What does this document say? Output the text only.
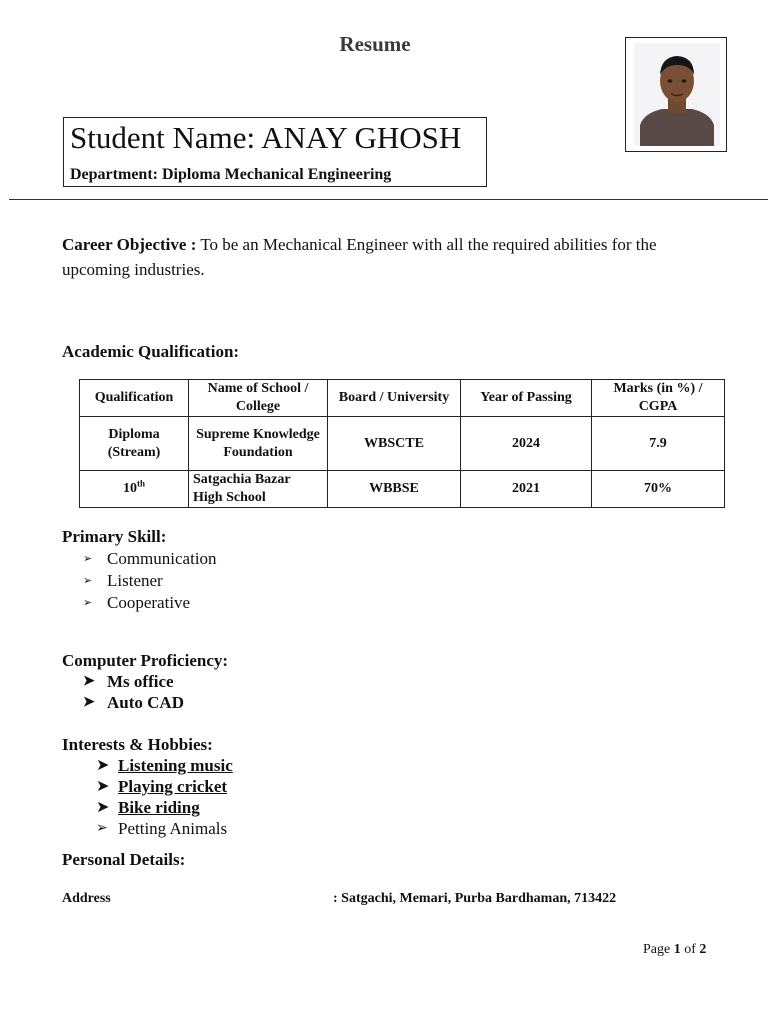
Resume
Student Name: ANAY GHOSH
Department: Diploma Mechanical Engineering
Career Objective : To be an Mechanical Engineer with all the required abilities for the upcoming industries.
Academic Qualification:
Qualification	Name of School / College	Board / University	Year of Passing	Marks (in %) / CGPA
Diploma (Stream)	Supreme Knowledge Foundation	WBSCTE	2024	7.9
10th	Satgachia Bazar High School	WBBSE	2021	70%
Primary Skill:
➢ Communication
➢ Listener
➢ Cooperative
Computer Proficiency:
➤ Ms office
➤ Auto CAD
Interests & Hobbies:
➤ Listening music
➤ Playing cricket
➤ Bike riding
➢ Petting Animals
Personal Details:
Address	: Satgachi, Memari, Purba Bardhaman, 713422
Page 1 of 2
